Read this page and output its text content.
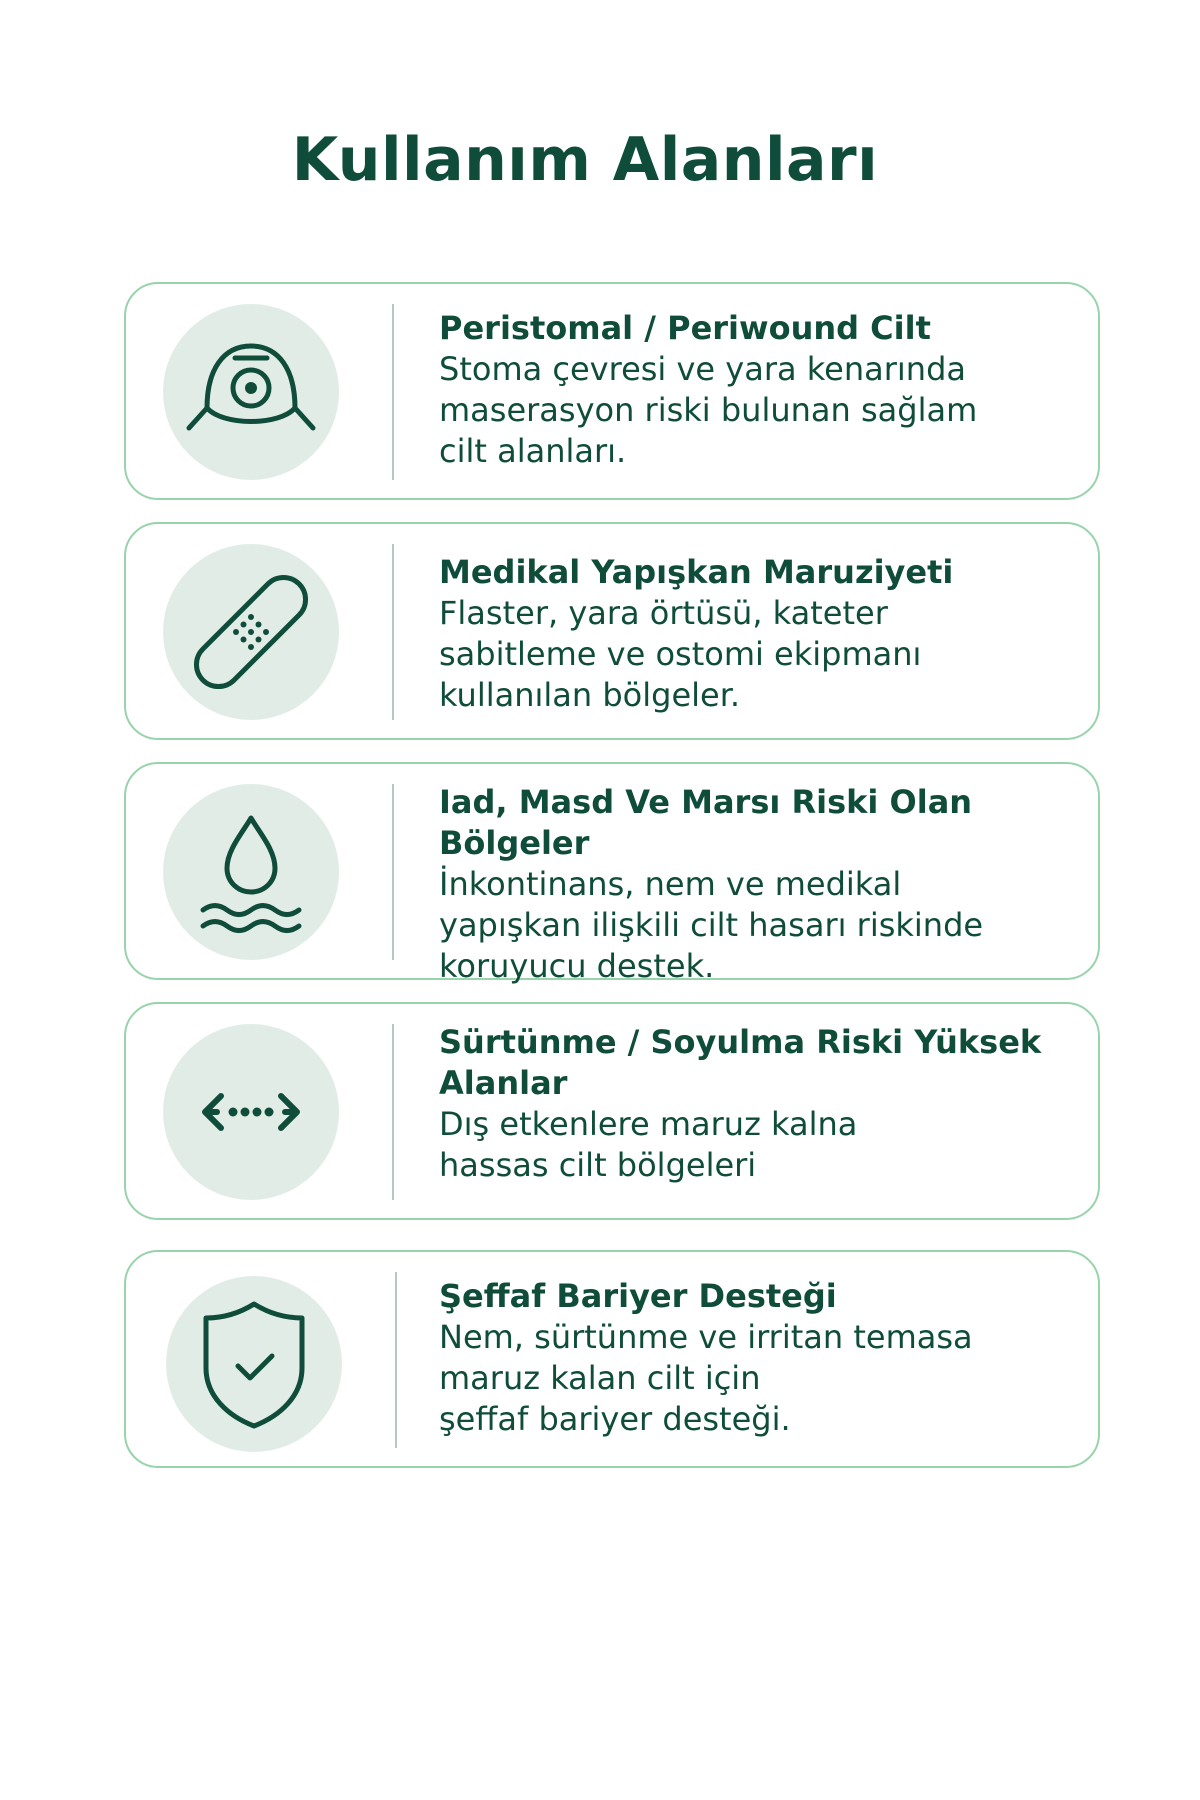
Kullanım Alanları

Peristomal / Periwound Cilt

Stoma çevresi ve yara kenarında
maserasyon riski bulunan sağlam
cilt alanları.

Medikal Yapışkan Maruziyeti

Flaster, yara örtüsü, kateter
sabitleme ve ostomi ekipmanı
kullanılan bölgeler.

Iad, Masd Ve Marsı Riski Olan Bölgeler

İnkontinans, nem ve medikal
yapışkan ilişkili cilt hasarı riskinde
koruyucu destek.

Sürtünme / Soyulma Riski Yüksek Alanlar

Dış etkenlere maruz kalna
hassas cilt bölgeleri

Şeffaf Bariyer Desteği

Nem, sürtünme ve irritan temasa
maruz kalan cilt için
şeffaf bariyer desteği.
